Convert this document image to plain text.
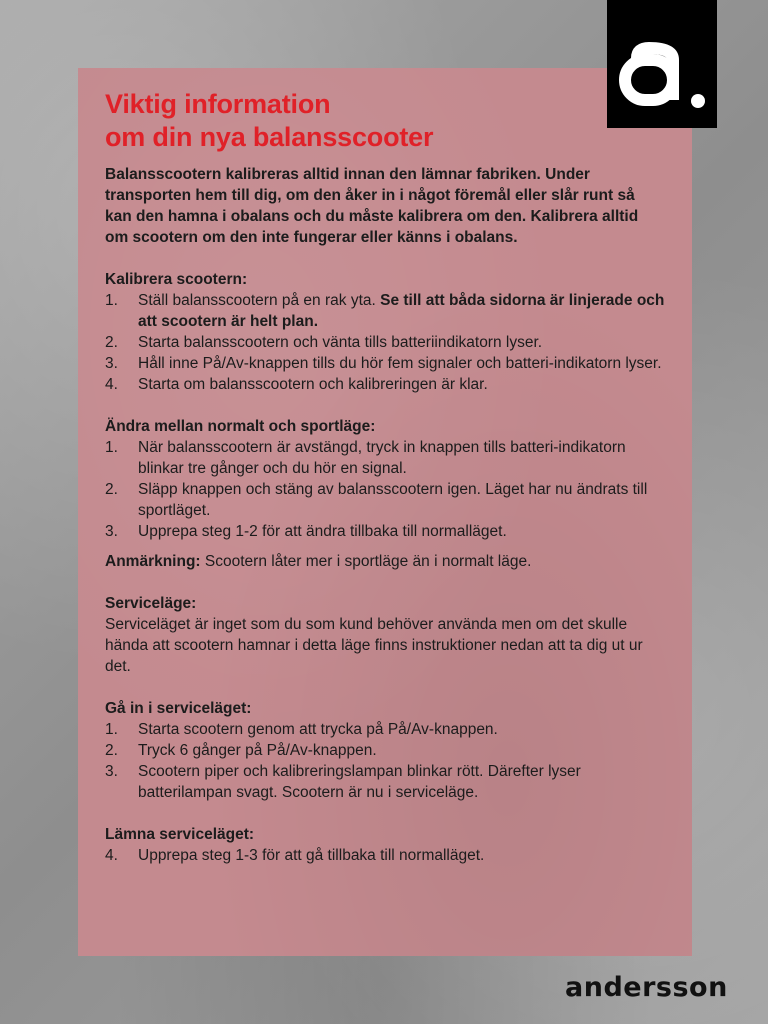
Viktig information
om din nya balansscooter

Balansscootern kalibreras alltid innan den lämnar fabriken. Under transporten hem till dig, om den åker in i något föremål eller slår runt så kan den hamna i obalans och du måste kalibrera om den. Kalibrera alltid om scootern om den inte fungerar eller känns i obalans.

Kalibrera scootern:

1. Ställ balansscootern på en rak yta. Se till att båda sidorna är linjerade och att scootern är helt plan.
2. Starta balansscootern och vänta tills batteriindikatorn lyser.
3. Håll inne På/Av-knappen tills du hör fem signaler och batteri-indikatorn lyser.
4. Starta om balansscootern och kalibreringen är klar.

Ändra mellan normalt och sportläge:

1. När balansscootern är avstängd, tryck in knappen tills batteri-indikatorn blinkar tre gånger och du hör en signal.
2. Släpp knappen och stäng av balansscootern igen. Läget har nu ändrats till sportläget.
3. Upprepa steg 1-2 för att ändra tillbaka till normalläget.

Anmärkning: Scootern låter mer i sportläge än i normalt läge.

Serviceläge:

Serviceläget är inget som du som kund behöver använda men om det skulle hända att scootern hamnar i detta läge finns instruktioner nedan att ta dig ut ur det.

Gå in i serviceläget:

1. Starta scootern genom att trycka på På/Av-knappen.
2. Tryck 6 gånger på På/Av-knappen.
3. Scootern piper och kalibreringslampan blinkar rött. Därefter lyser batterilampan svagt. Scootern är nu i serviceläge.

Lämna serviceläget:

4. Upprepa steg 1-3 för att gå tillbaka till normalläget.
andersson
